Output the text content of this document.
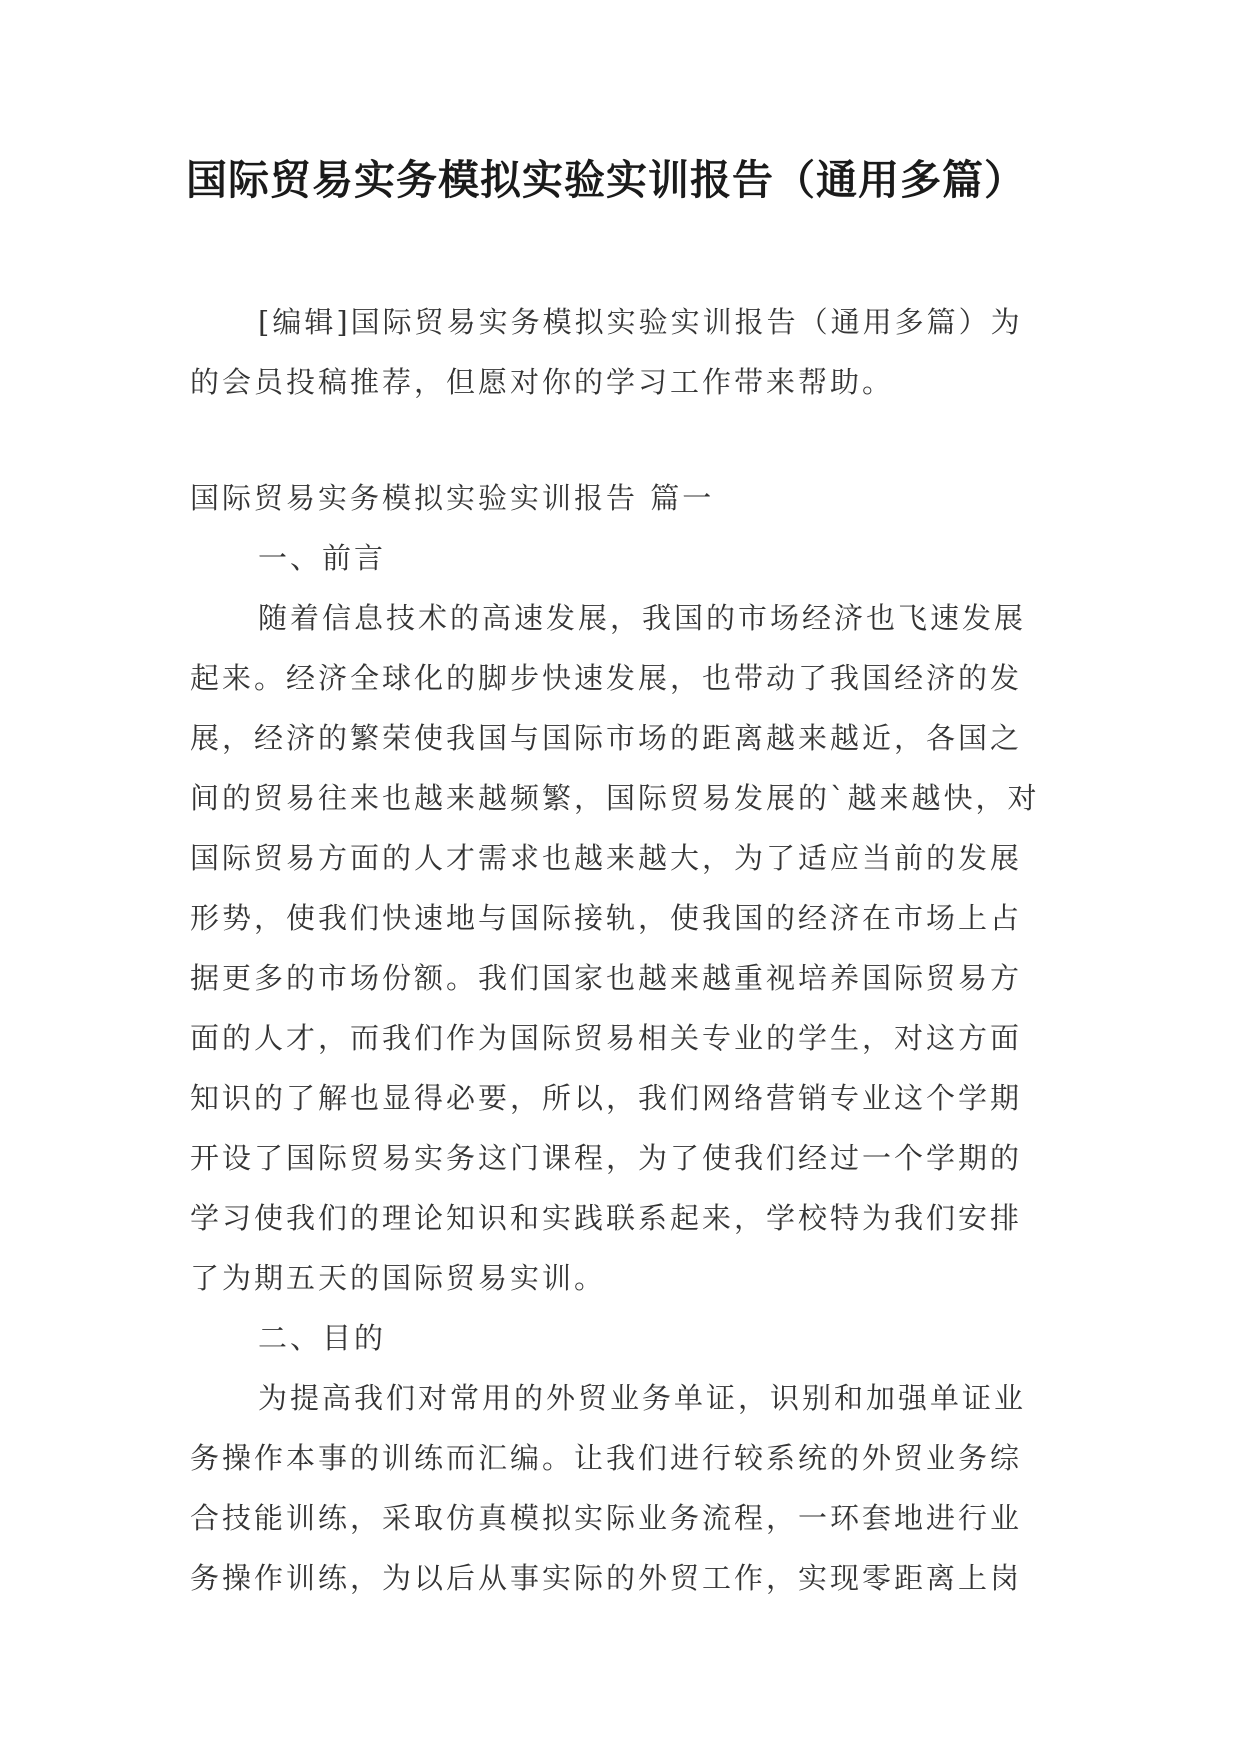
国际贸易实务模拟实验实训报告（通用多篇）
[编辑]国际贸易实务模拟实验实训报告（通用多篇）为的会员投稿推荐，但愿对你的学习工作带来帮助。

国际贸易实务模拟实验实训报告 篇一

一、前言

随着信息技术的高速发展，我国的市场经济也飞速发展起来。经济全球化的脚步快速发展，也带动了我国经济的发展，经济的繁荣使我国与国际市场的距离越来越近，各国之间的贸易往来也越来越频繁，国际贸易发展的`越来越快，对国际贸易方面的人才需求也越来越大，为了适应当前的发展形势，使我们快速地与国际接轨，使我国的经济在市场上占据更多的市场份额。我们国家也越来越重视培养国际贸易方面的人才，而我们作为国际贸易相关专业的学生，对这方面知识的了解也显得必要，所以，我们网络营销专业这个学期开设了国际贸易实务这门课程，为了使我们经过一个学期的学习使我们的理论知识和实践联系起来，学校特为我们安排了为期五天的国际贸易实训。

二、目的

为提高我们对常用的外贸业务单证，识别和加强单证业务操作本事的训练而汇编。让我们进行较系统的外贸业务综合技能训练，采取仿真模拟实际业务流程，一环套地进行业务操作训练，为以后从事实际的外贸工作，实现零距离上岗
